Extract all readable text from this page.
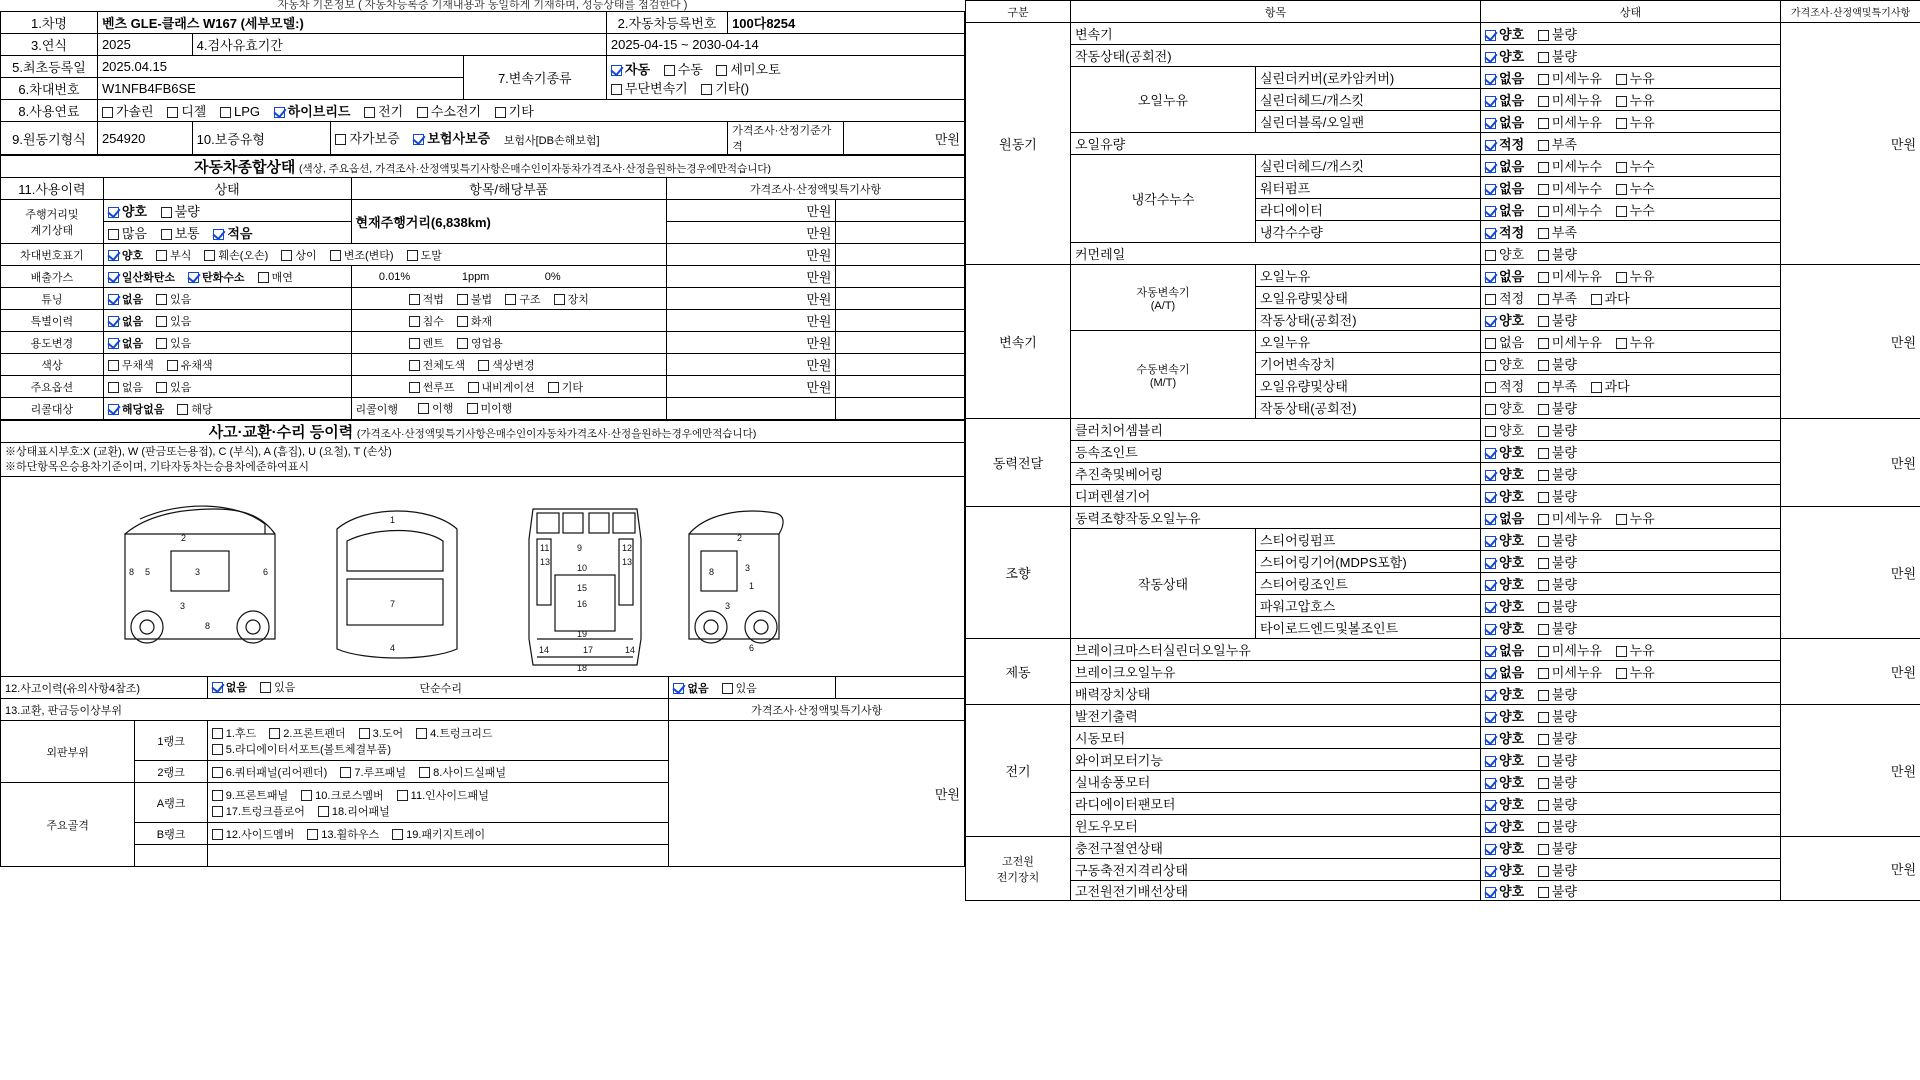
자동차 기본정보 ( 자동차등록증 기재내용과 동일하게 기재하며, 성능상태를 점검한다 )
1.차명	벤츠 GLE-클래스 W167 (세부모델:)				2.자동차등록번호	100다8254	
3.연식	2025	4.검사유효기간			2025-04-15 ~ 2030-04-14		
5.최초등록일	2025.04.15			7.변속기종류	자동 수동 세미오토
무단변속기 기타()		

6.차대번호	W1NFB4FB6SE						
8.사용연료	가솔린 디젤 LPG 하이브리드 전기 수소전기 기타						
9.원동기형식	254920	10.보증유형	자가보증 보험사보증 보험사[DB손해보험]			가격조사·산정기준가격	만원
자동차종합상태 (색상, 주요옵션, 가격조사·산정액및특기사항은매수인이자동차가격조사·산정을원하는경우에만적습니다)				
11.사용이력	상태	항목/해당부품	가격조사·산정액및특기사항	
주행거리및
계기상태	양호 불량	현재주행거리(6,838km)	만원	
	많음 보통 적음		만원	
차대번호표기	양호 부식 훼손(오손) 상이 변조(변타) 도말		만원	
배출가스	일산화탄소 탄화수소 매연	0.01% 1ppm 0%	만원	
튜닝	없음 있음	적법 불법 구조 장치	만원	
특별이력	없음 있음	침수 화재	만원	
용도변경	없음 있음	렌트 영업용	만원	
색상	무채색 유채색	전체도색 색상변경	만원	
주요옵션	없음 있음	썬루프 내비게이션 기타	만원	
리콜대상	해당없음 해당	리콜이행 이행 미이행		
사고·교환·수리 등이력 (가격조사·산정액및특기사항은매수인이자동차가격조사·산정을원하는경우에만적습니다)				

※상태표시부호:X (교환), W (판금또는용접), C (부식), A (흠집), U (요철), T (손상)
※하단항목은승용차기준이며, 기타자동차는승용차에준하여표시				

2
8 5	3	6
3
8
1
7
4
11
13
12
13
9
10
15
16
19
17
14	14
18
2
3
1
8
3
6

12.사고이력(유의사항4참조)		없음 있음 단순수리	없음 있음	
13.교환, 판금등이상부위			가격조사·산정액및특기사항	
외판부위	1랭크	1.후드 2.프론트펜더 3.도어 4.트렁크리드
5.라디에이터서포트(볼트체결부품)	만원	
	2랭크	6.쿼터패널(리어펜더) 7.루프패널 8.사이드실패널		
주요골격	A랭크	9.프론트패널 10.크로스멤버 11.인사이드패널
17.트렁크플로어 18.리어패널		

	B랭크	12.사이드멤버 13.휠하우스 19.패키지트레이		

구분	항목		상태	가격조사·산정액및특기사항
원동기	변속기		양호 불량	만원
	작동상태(공회전)		양호 불량	
	오일누유	실린더커버(로카암커버)	없음 미세누유 누유	
		실린더헤드/개스킷	없음 미세누유 누유	
		실린더블록/오일팬	없음 미세누유 누유	
	오일유량		적정 부족	
	냉각수누수	실린더헤드/개스킷	없음 미세누수 누수	
		워터펌프	없음 미세누수 누수	
		라디에이터	없음 미세누수 누수	
		냉각수수량	적정 부족	
	커먼레일		양호 불량	
변속기	자동변속기
(A/T)	오일누유	없음 미세누유 누유	만원
		오일유량및상태	적정 부족 과다	
		작동상태(공회전)	양호 불량	
	수동변속기
(M/T)	오일누유	없음 미세누유 누유	
		기어변속장치	양호 불량	
		오일유량및상태	적정 부족 과다	
		작동상태(공회전)	양호 불량	
동력전달	클러치어셈블리		양호 불량	만원
	등속조인트		양호 불량	
	추진축및베어링		양호 불량	
	디퍼렌셜기어		양호 불량	
조향	동력조향작동오일누유		없음 미세누유 누유	만원
	작동상태	스티어링펌프	양호 불량	
		스티어링기어(MDPS포함)	양호 불량	
		스티어링조인트	양호 불량	
		파워고압호스	양호 불량	
		타이로드엔드및볼조인트	양호 불량	
제동	브레이크마스터실린더오일누유		없음 미세누유 누유	만원
	브레이크오일누유		없음 미세누유 누유	
	배력장치상태		양호 불량	
전기	발전기출력		양호 불량	만원
	시동모터		양호 불량	
	와이퍼모터기능		양호 불량	
	실내송풍모터		양호 불량	
	라디에이터팬모터		양호 불량	
	윈도우모터		양호 불량	
고전원
전기장치	충전구절연상태		양호 불량	만원
	구동축전지격리상태		양호 불량	
	고전원전기배선상태		양호 불량	
